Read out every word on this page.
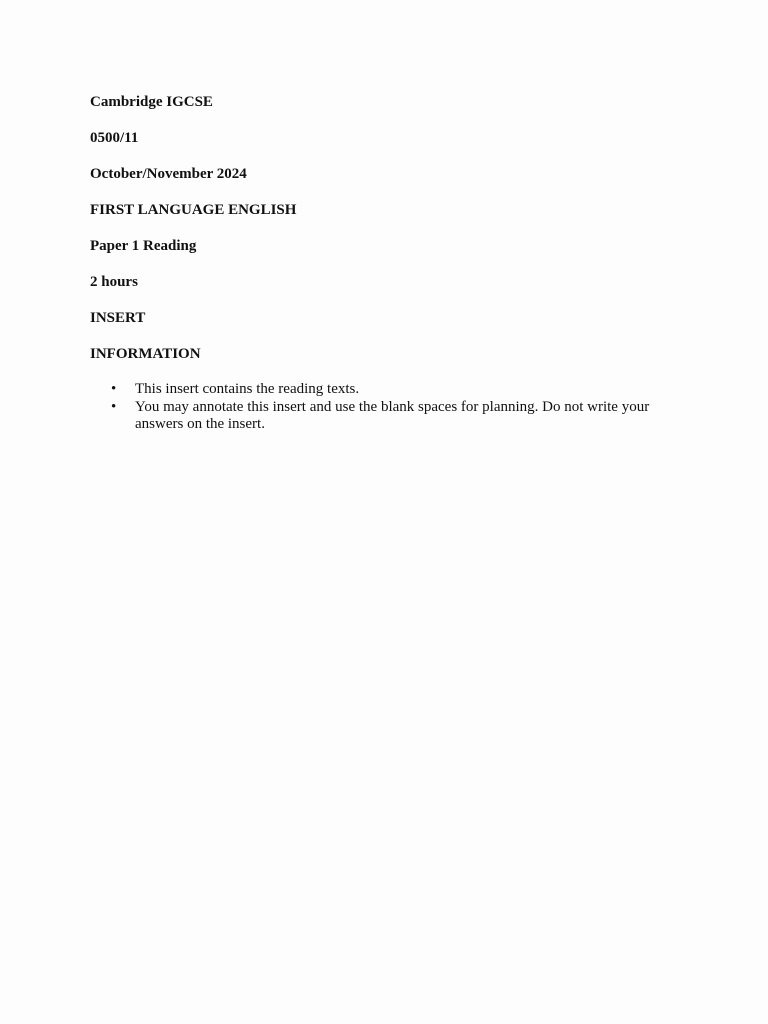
Cambridge IGCSE
0500/11
October/November 2024
FIRST LANGUAGE ENGLISH
Paper 1 Reading
2 hours
INSERT
INFORMATION
• This insert contains the reading texts.
• You may annotate this insert and use the blank spaces for planning. Do not write your answers on the insert.
